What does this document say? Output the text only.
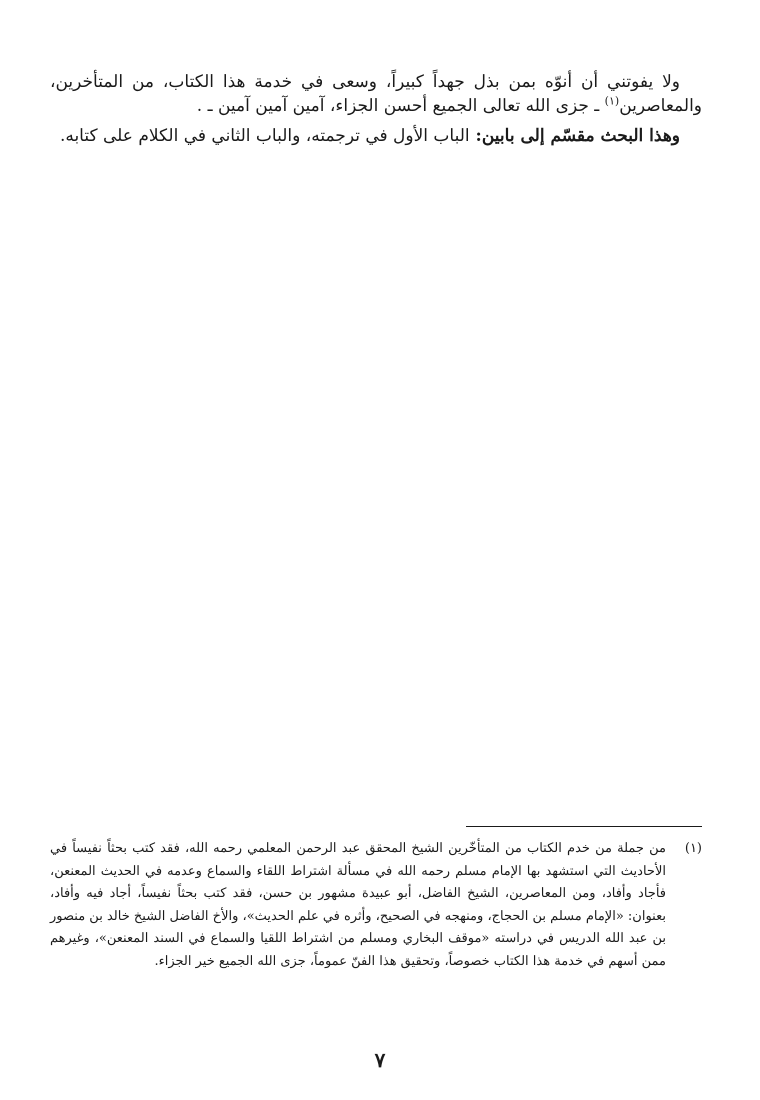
ولا يفوتني أن أنوّه بمن بذل جهداً كبيراً، وسعى في خدمة هذا الكتاب، من المتأخرين، والمعاصرين$^{(١)}$ ـ جزى الله تعالى الجميع أحسن الجزاء، آمين آمين آمين ـ .

وهذا البحث مقسّم إلى بابين: الباب الأول في ترجمته، والباب الثاني في الكلام على كتابه.

(١)
من جملة من خدم الكتاب من المتأخّرين الشيخ المحقق عبد الرحمن المعلمي رحمه الله، فقد كتب بحثاً نفيساً في الأحاديث التي استشهد بها الإمام مسلم رحمه الله في مسألة اشتراط اللقاء والسماع وعدمه في الحديث المعنعن، فأجاد وأفاد، ومن المعاصرين، الشيخ الفاضل، أبو عبيدة مشهور بن حسن، فقد كتب بحثاً نفيساً، أجاد فيه وأفاد، بعنوان: «الإمام مسلم بن الحجاج، ومنهجه في الصحيح، وأثره في علم الحديث»، والأخ الفاضل الشيخ خالد بن منصور بن عبد الله الدريس في دراسته «موقف البخاري ومسلم من اشتراط اللقيا والسماع في السند المعنعن»، وغيرهم ممن أسهم في خدمة هذا الكتاب خصوصاً، وتحقيق هذا الفنّ عموماً، جزى الله الجميع خير الجزاء.
٧
